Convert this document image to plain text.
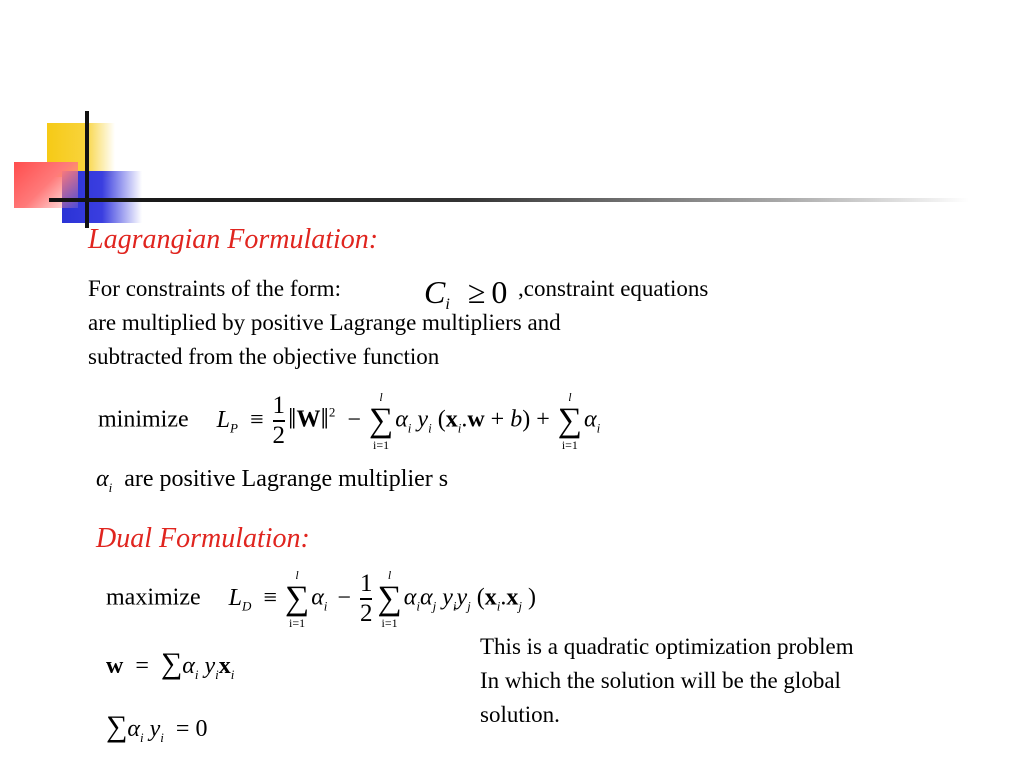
Lagrangian Formulation:
For constraints of the form:	$C_i \ge 0$ ,constraint equations
are multiplied by positive Lagrange multipliers and
subtracted from the objective function
minimize $L_P \equiv \frac{1}{2}$ ‖W‖$^2$ −
l
∑
i=1
$\alpha_i$ $y_i$ $(x_i.w + b)$ +
l
∑
i=1
$\alpha_i$
$\alpha_i$ are positive Lagrange multiplier s
Dual Formulation:
maximize $L_D$ ≡
l
∑
i=1
$\alpha_i - \frac{1}{2}$	l
∑
i=1
$\alpha_i\alpha_j$ $y_iy_j$ ($x_i.x_j$ )
$w = \sum\alpha_i$ $y_ix_i$
$\sum\alpha_i$ $y_i = 0$
This is a quadratic optimization problem
In which the solution will be the global
solution.
